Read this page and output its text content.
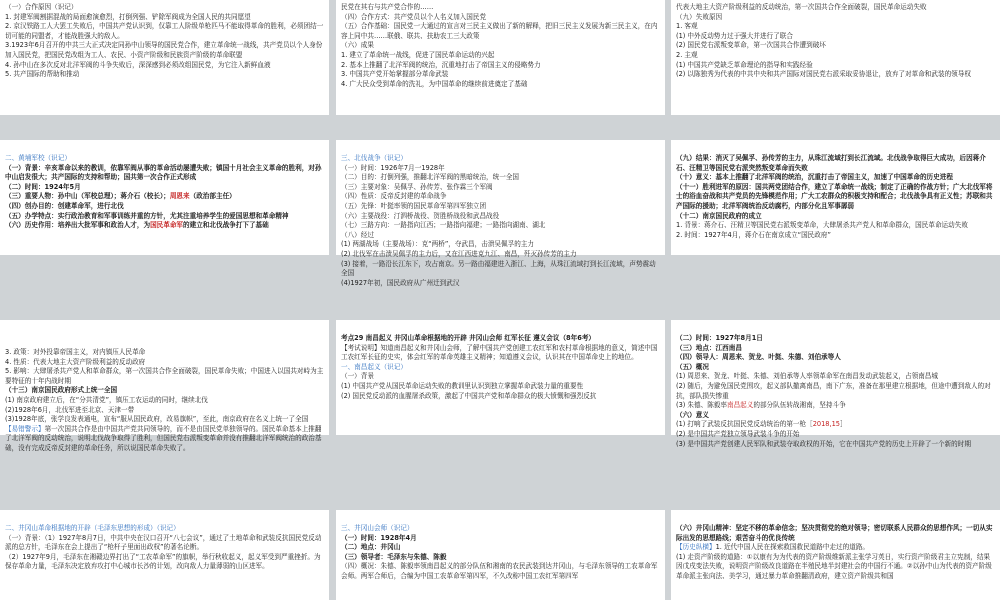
（一）合作原因（识记）

1. 封建军阀割据混战的局面愈演愈烈，打倒列强、铲除军阀成为全国人民的共同愿望

2. 京汉铁路工人大罢工失败后，中国共产党认识到，仅靠工人阶级单枪匹马不能取得革命的胜利，必须团结一切可能的同盟者，才能战胜强大的敌人。

3.1923年6月召开的中共三大正式决定同孙中山领导的国民党合作，建立革命统一战线，共产党员以个人身份加入国民党，把国民党改组为工人、农民、小资产阶级和民族资产阶级的革命联盟

4. 孙中山在多次反对北洋军阀的斗争失败后，深深感到必须改组国民党，为它注入新鲜血液

5. 共产国际的帮助和推动

民党在其右与共产党合作的……

（四）合作方式：共产党员以个人名义加入国民党

（五）合作基础：国民党一大通过的宣言对三民主义做出了新的解释，把旧三民主义发展为新三民主义，在内容上同中共……联俄、联共、扶助农工三大政策

（六）成果

1. 建立了革命统一战线，促进了国民革命运动的兴起

2. 基本上推翻了北洋军阀的统治，沉重地打击了帝国主义的侵略势力

3. 中国共产党开始掌握部分革命武装

4. 广大民众受到革命的洗礼，为中国革命的继续前进奠定了基础

代表大地主大资产阶级利益的反动统治，第一次国共合作全面破裂，国民革命运动失败

（九）失败原因

1. 客观

(1) 中外反动势力过于强大并进行了联合

(2) 国民党右派叛变革命，第一次国共合作遭到破坏

2. 主观

(1) 中国共产党缺乏革命理论的指导和实践经验

(2) 以陈独秀为代表的中共中央和共产国际对国民党右派采取妥协退让，放弃了对革命和武装的领导权

二、黄埔军校（识记）

（一）背景：辛亥革命以来的教训，依靠军阀从事的革命活动屡遭失败；镇国十月社会主义革命的胜利，对孙中山启发很大；共产国际的支持和帮助；国共第一次合作正式形成

（二）时间：1924年5月

（三）重要人物：孙中山（军校总理）；蒋介石（校长）；周恩来（政治部主任）

（四）创办目的：创建革命军，进行北伐

（五）办学特点：实行政治教育和军事训练并重的方针，尤其注重培养学生的爱国思想和革命精神

（六）历史作用：培养出大批军事和政治人才，为国民革命军的建立和北伐战争打下了基础

三、北伐战争（识记）

（一）时间：1926年7月一1928年

（二）目的：打倒列强，推翻北洋军阀的黑暗统治，统一全国

（三）主要对象：吴佩孚、孙传芳、张作霖三个军阀

（四）性质：反帝反封建的革命战争

（五）先锋：叶挺率领的国民革命军第四军独立团

（六）主要战役：汀泗桥战役、贺胜桥战役和武昌战役

（七）三路方向：一路指向江西；一路指向福建；一路指向湖南、湖北

（八）经过

(1) 两湖战场（主要战场）：克“两桥”，夺武昌，击溃吴佩孚的主力

(2) 北伐军在击溃吴佩孚的主力后，又在江西进克九江、南昌，歼灭孙传芳的主力

(3) 接着，一路沿长江东下，攻占南京。另一路由福建进入浙江、上海，从珠江流域打到长江流域，声势震动全国

(4)1927年初，国民政府从广州迁到武汉

（九）结果：消灭了吴佩孚、孙传芳的主力，从珠江流域打到长江流域。北伐战争取得巨大成功，后因蒋介石、汪精卫等国民党右派突然叛变革命而失败

（十）意义：基本上推翻了北洋军阀的统治，沉重打击了帝国主义，加速了中国革命的历史进程

（十一）胜利进军的原因：国共两党团结合作，建立了革命统一战线；制定了正确的作战方针；广大北伐军将士的浴血奋战和共产党员的先锋模范作用；广大工农群众的积极支持和配合；北伐战争具有正义性；苏联和共产国际的援助；北洋军阀统治反动腐朽，内部分化且军事孱弱

（十二）南京国民政府的成立

1. 背景：蒋介石、汪精卫等国民党右派叛变革命，大肆屠杀共产党人和革命群众，国民革命运动失败

2. 时间：1927年4月，蒋介石在南京成立“国民政府”

3. 政策：对外投靠帝国主义，对内镇压人民革命

4. 性质：代表大地主大资产阶级利益的反动政府

5. 影响：大肆屠杀共产党人和革命群众，第一次国共合作全面破裂，国民革命失败；中国进入以国共对峙为主要特征的十年内战时期

（十三）南京国民政府形式上统一全国

(1) 南京政府建立后，在“分共清党”，镇压工农运动的同时，继续北伐

(2)1928年6月，北伐军进至北京、天津一带

(3)1928年底，张学良发表通电，宣布“服从国民政府，改易旗帜”，至此，南京政府在名义上统一了全国

【易错警示】第一次国共合作是由中国共产党共同领导的，而不是由国民党单独领导的。国民革命基本上推翻了北洋军阀的反动统治，说明北伐战争取得了胜利，但国民党右派叛变革命并没有推翻北洋军阀统治的政治基础，没有完成反帝反封建的革命任务，所以说国民革命失败了。

考点29 南昌起义 井冈山革命根据地的开辟 井冈山会师 红军长征 遵义会议（8年6考）

【考试说明】知道南昌起义和井冈山会师，了解中国共产党创建工农红军和农村革命根据地的意义，简述中国工农红军长征的史实，体会红军的革命英雄主义精神；知道遵义会议，认识其在中国革命史上的地位。

一、南昌起义（识记）

（一）背景

(1) 中国共产党从国民革命运动失败的教训里认识到独立掌握革命武装力量的重要性

(2) 国民党反动派的血腥屠杀政策，激起了中国共产党和革命群众的极大愤慨和强烈反抗

（二）时间：1927年8月1日

（三）地点：江西南昌

（四）领导人：周恩来、贺龙、叶挺、朱德、刘伯承等人

（五）概况

(1) 周恩来、贺龙、叶挺、朱德、刘伯承等人率领革命军在南昌发动武装起义，占领南昌城

(2) 随后，为避免国民党围攻，起义部队撤离南昌，南下广东，准备在那里建立根据地，但途中遭到敌人的对抗，部队损失惨重

(3) 朱德、陈毅率南昌起义的部分队伍转战湘南，坚持斗争

（六）意义

(1) 打响了武装反抗国民党反动统治的第一枪［2018,15］

(2) 是中国共产党独立领导武装斗争的开始

(3) 是中国共产党创建人民军队和武装夺取政权的开始，它在中国共产党的历史上开辟了一个新的时期

二、井冈山革命根据地的开辟（毛泽东思想的形成）（识记）

（一）背景：（1）1927年8月7日，中共中央在汉口召开“八七会议”，通过了土地革命和武装反抗国民党反动派的总方针，毛泽东在会上提出了“枪杆子里面出政权”的著名论断。

（2）1927年9月，毛泽东在湘赣边界打出了“工农革命军”的旗帜，举行秋收起义，起义军受到严重挫折。为保存革命力量，毛泽东决定放弃攻打中心城市长沙的计划，改向敌人力量薄弱的山区进军。

三、井冈山会师（识记）

（一）时间：1928年4月

（二）地点：井冈山

（三）领导者：毛泽东与朱德、陈毅

（四）概况：朱德、陈毅率领南昌起义的部分队伍和湘南的农民武装到达井冈山，与毛泽东领导的工农革命军会师。两军合师后，合编为中国工农革命军第四军，不久改称中国工农红军第四军

（六）井冈山精神：坚定不移的革命信念；坚决贯彻党的绝对领导；密切联系人民群众的思想作风；一切从实际出发的思想路线；艰苦奋斗的优良传统

【历史纵横】1. 近代中国人民在探索救国救民道路中走过的道路。

(1) 走资产阶级的道路：①以康有为为代表的资产阶级维新派主张学习英日，实行资产阶级君主立宪制，结果因戊戌变法失败，说明资产阶级改良道路在半殖民地半封建社会的中国行不通。②以孙中山为代表的资产阶级革命派主张向法、美学习，通过暴力革命推翻清政府，建立资产阶级共和国
